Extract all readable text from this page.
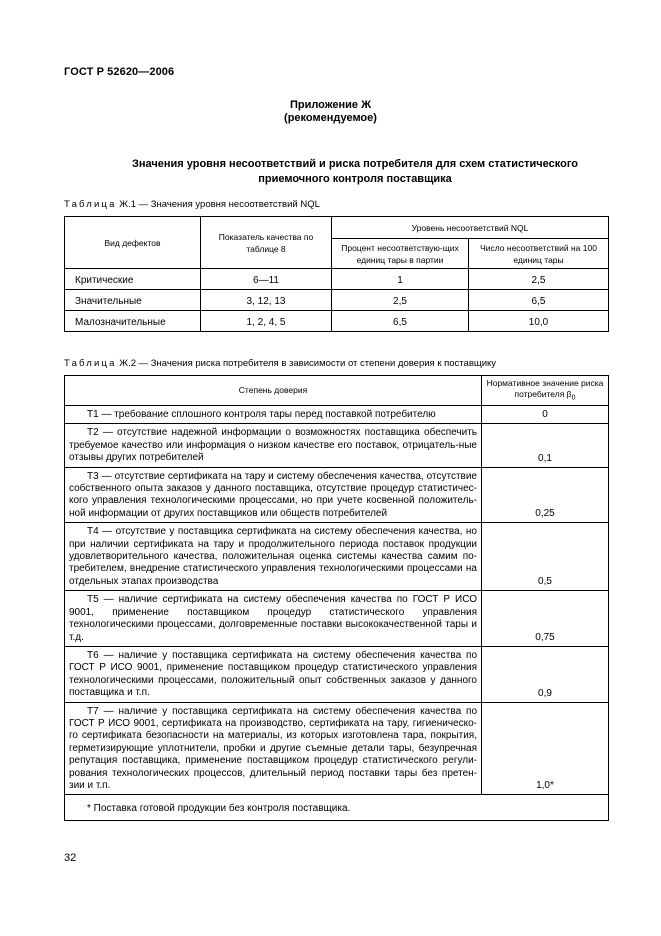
ГОСТ Р 52620—2006
Приложение Ж
(рекомендуемое)
Значения уровня несоответствий и риска потребителя для схем статистического
приемочного контроля поставщика
Таблица Ж.1 — Значения уровня несоответствий NQL
Вид дефектов	Показатель качества по таблице 8	Уровень несоответствий NQL	
		Процент несоответствую-щих единиц тары в партии	Число несоответствий на 100 единиц тары
Критические	6—11	1	2,5
Значительные	3, 12, 13	2,5	6,5
Малозначительные	1, 2, 4, 5	6,5	10,0
Таблица Ж.2 — Значения риска потребителя в зависимости от степени доверия к поставщику
Степень доверия	Нормативное значение риска потребителя $\beta_0$
Т1 — требование сплошного контроля тары перед поставкой потребителю	0
Т2 — отсутствие надежной информации о возможностях поставщика обеспечить требуемое качество или информация о низком качестве его поставок, отрицатель-ные отзывы других потребителей	0,1
Т3 — отсутствие сертификата на тару и систему обеспечения качества, отсутствие собственного опыта заказов у данного поставщика, отсутствие процедур статистичес-кого управления технологическими процессами, но при учете косвенной положитель-ной информации от других поставщиков или обществ потребителей	0,25
Т4 — отсутствие у поставщика сертификата на систему обеспечения качества, но при наличии сертификата на тару и продолжительного периода поставок продукции удовлетворительного качества, положительная оценка системы качества самим по-требителем, внедрение статистического управления технологическими процессами на отдельных этапах производства	0,5
Т5 — наличие сертификата на систему обеспечения качества по ГОСТ Р ИСО 9001, применение поставщиком процедур статистического управления технологическими процессами, долговременные поставки высококачественной тары и т.д.	0,75
Т6 — наличие у поставщика сертификата на систему обеспечения качества по ГОСТ Р ИСО 9001, применение поставщиком процедур статистического управления технологическими процессами, положительный опыт собственных заказов у данного поставщика и т.п.	0,9
Т7 — наличие у поставщика сертификата на систему обеспечения качества по ГОСТ Р ИСО 9001, сертификата на производство, сертификата на тару, гигиеническо-го сертификата безопасности на материалы, из которых изготовлена тара, покрытия, герметизирующие уплотнители, пробки и другие съемные детали тары, безупречная репутация поставщика, применение поставщиком процедур статистического регули-рования технологических процессов, длительный период поставки тары без претен-зии и т.п.	1,0*
* Поставка готовой продукции без контроля поставщика.	
32
